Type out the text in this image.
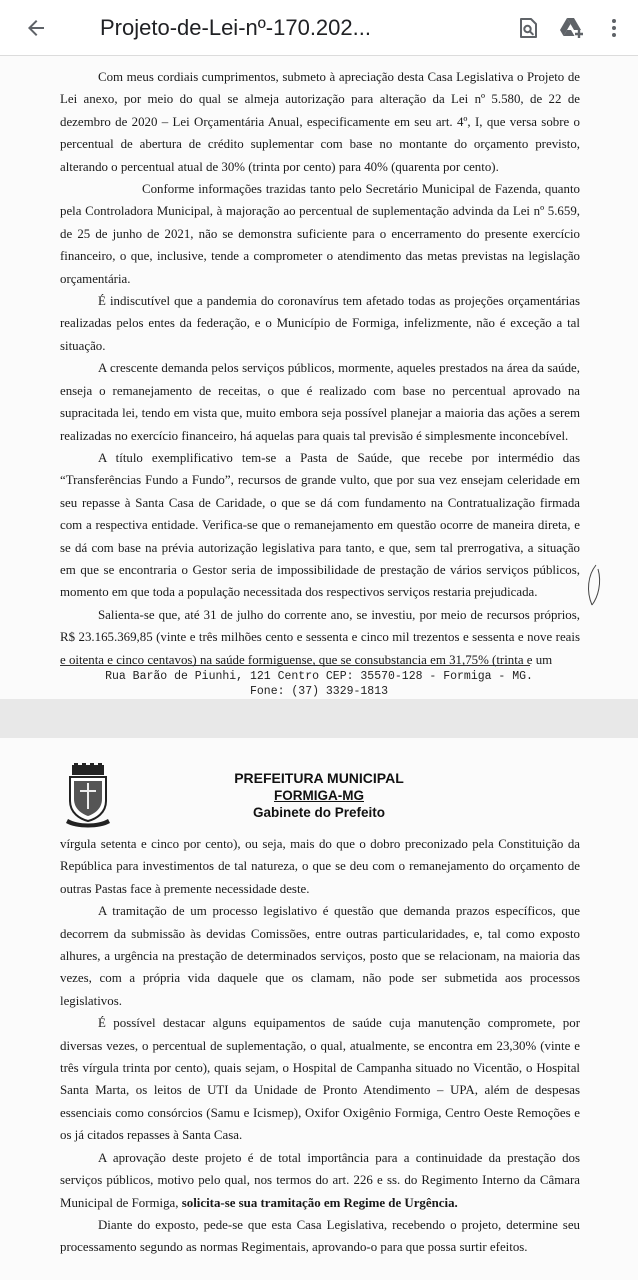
Projeto-de-Lei-nº-170.202...

Com meus cordiais cumprimentos, submeto à apreciação desta Casa Legislativa o Projeto de Lei anexo, por meio do qual se almeja autorização para alteração da Lei nº 5.580, de 22 de dezembro de 2020 – Lei Orçamentária Anual, especificamente em seu art. 4º, I, que versa sobre o percentual de abertura de crédito suplementar com base no montante do orçamento previsto, alterando o percentual atual de 30% (trinta por cento) para 40% (quarenta por cento).

Conforme informações trazidas tanto pelo Secretário Municipal de Fazenda, quanto pela Controladora Municipal, à majoração ao percentual de suplementação advinda da Lei nº 5.659, de 25 de junho de 2021, não se demonstra suficiente para o encerramento do presente exercício financeiro, o que, inclusive, tende a comprometer o atendimento das metas previstas na legislação orçamentária.

É indiscutível que a pandemia do coronavírus tem afetado todas as projeções orçamentárias realizadas pelos entes da federação, e o Município de Formiga, infelizmente, não é exceção a tal situação.

A crescente demanda pelos serviços públicos, mormente, aqueles prestados na área da saúde, enseja o remanejamento de receitas, o que é realizado com base no percentual aprovado na supracitada lei, tendo em vista que, muito embora seja possível planejar a maioria das ações a serem realizadas no exercício financeiro, há aquelas para quais tal previsão é simplesmente inconcebível.

A título exemplificativo tem-se a Pasta de Saúde, que recebe por intermédio das “Transferências Fundo a Fundo”, recursos de grande vulto, que por sua vez ensejam celeridade em seu repasse à Santa Casa de Caridade, o que se dá com fundamento na Contratualização firmada com a respectiva entidade. Verifica-se que o remanejamento em questão ocorre de maneira direta, e se dá com base na prévia autorização legislativa para tanto, e que, sem tal prerrogativa, a situação em que se encontraria o Gestor seria de impossibilidade de prestação de vários serviços públicos, momento em que toda a população necessitada dos respectivos serviços restaria prejudicada.

Salienta-se que, até 31 de julho do corrente ano, se investiu, por meio de recursos próprios, R$ 23.165.369,85 (vinte e três milhões cento e sessenta e cinco mil trezentos e sessenta e nove reais e oitenta e cinco centavos) na saúde formiguense, que se consubstancia em 31,75% (trinta e um

Rua Barão de Piunhi, 121 Centro CEP: 35570-128 - Formiga - MG.
Fone: (37) 3329-1813
PREFEITURA MUNICIPAL
FORMIGA-MG
Gabinete do Prefeito

vírgula setenta e cinco por cento), ou seja, mais do que o dobro preconizado pela Constituição da República para investimentos de tal natureza, o que se deu com o remanejamento do orçamento de outras Pastas face à premente necessidade deste.

A tramitação de um processo legislativo é questão que demanda prazos específicos, que decorrem da submissão às devidas Comissões, entre outras particularidades, e, tal como exposto alhures, a urgência na prestação de determinados serviços, posto que se relacionam, na maioria das vezes, com a própria vida daquele que os clamam, não pode ser submetida aos processos legislativos.

É possível destacar alguns equipamentos de saúde cuja manutenção compromete, por diversas vezes, o percentual de suplementação, o qual, atualmente, se encontra em 23,30% (vinte e três vírgula trinta por cento), quais sejam, o Hospital de Campanha situado no Vicentão, o Hospital Santa Marta, os leitos de UTI da Unidade de Pronto Atendimento – UPA, além de despesas essenciais como consórcios (Samu e Icismep), Oxifor Oxigênio Formiga, Centro Oeste Remoções e os já citados repasses à Santa Casa.

A aprovação deste projeto é de total importância para a continuidade da prestação dos serviços públicos, motivo pelo qual, nos termos do art. 226 e ss. do Regimento Interno da Câmara Municipal de Formiga, solicita-se sua tramitação em Regime de Urgência.

Diante do exposto, pede-se que esta Casa Legislativa, recebendo o projeto, determine seu processamento segundo as normas Regimentais, aprovando-o para que possa surtir efeitos.
